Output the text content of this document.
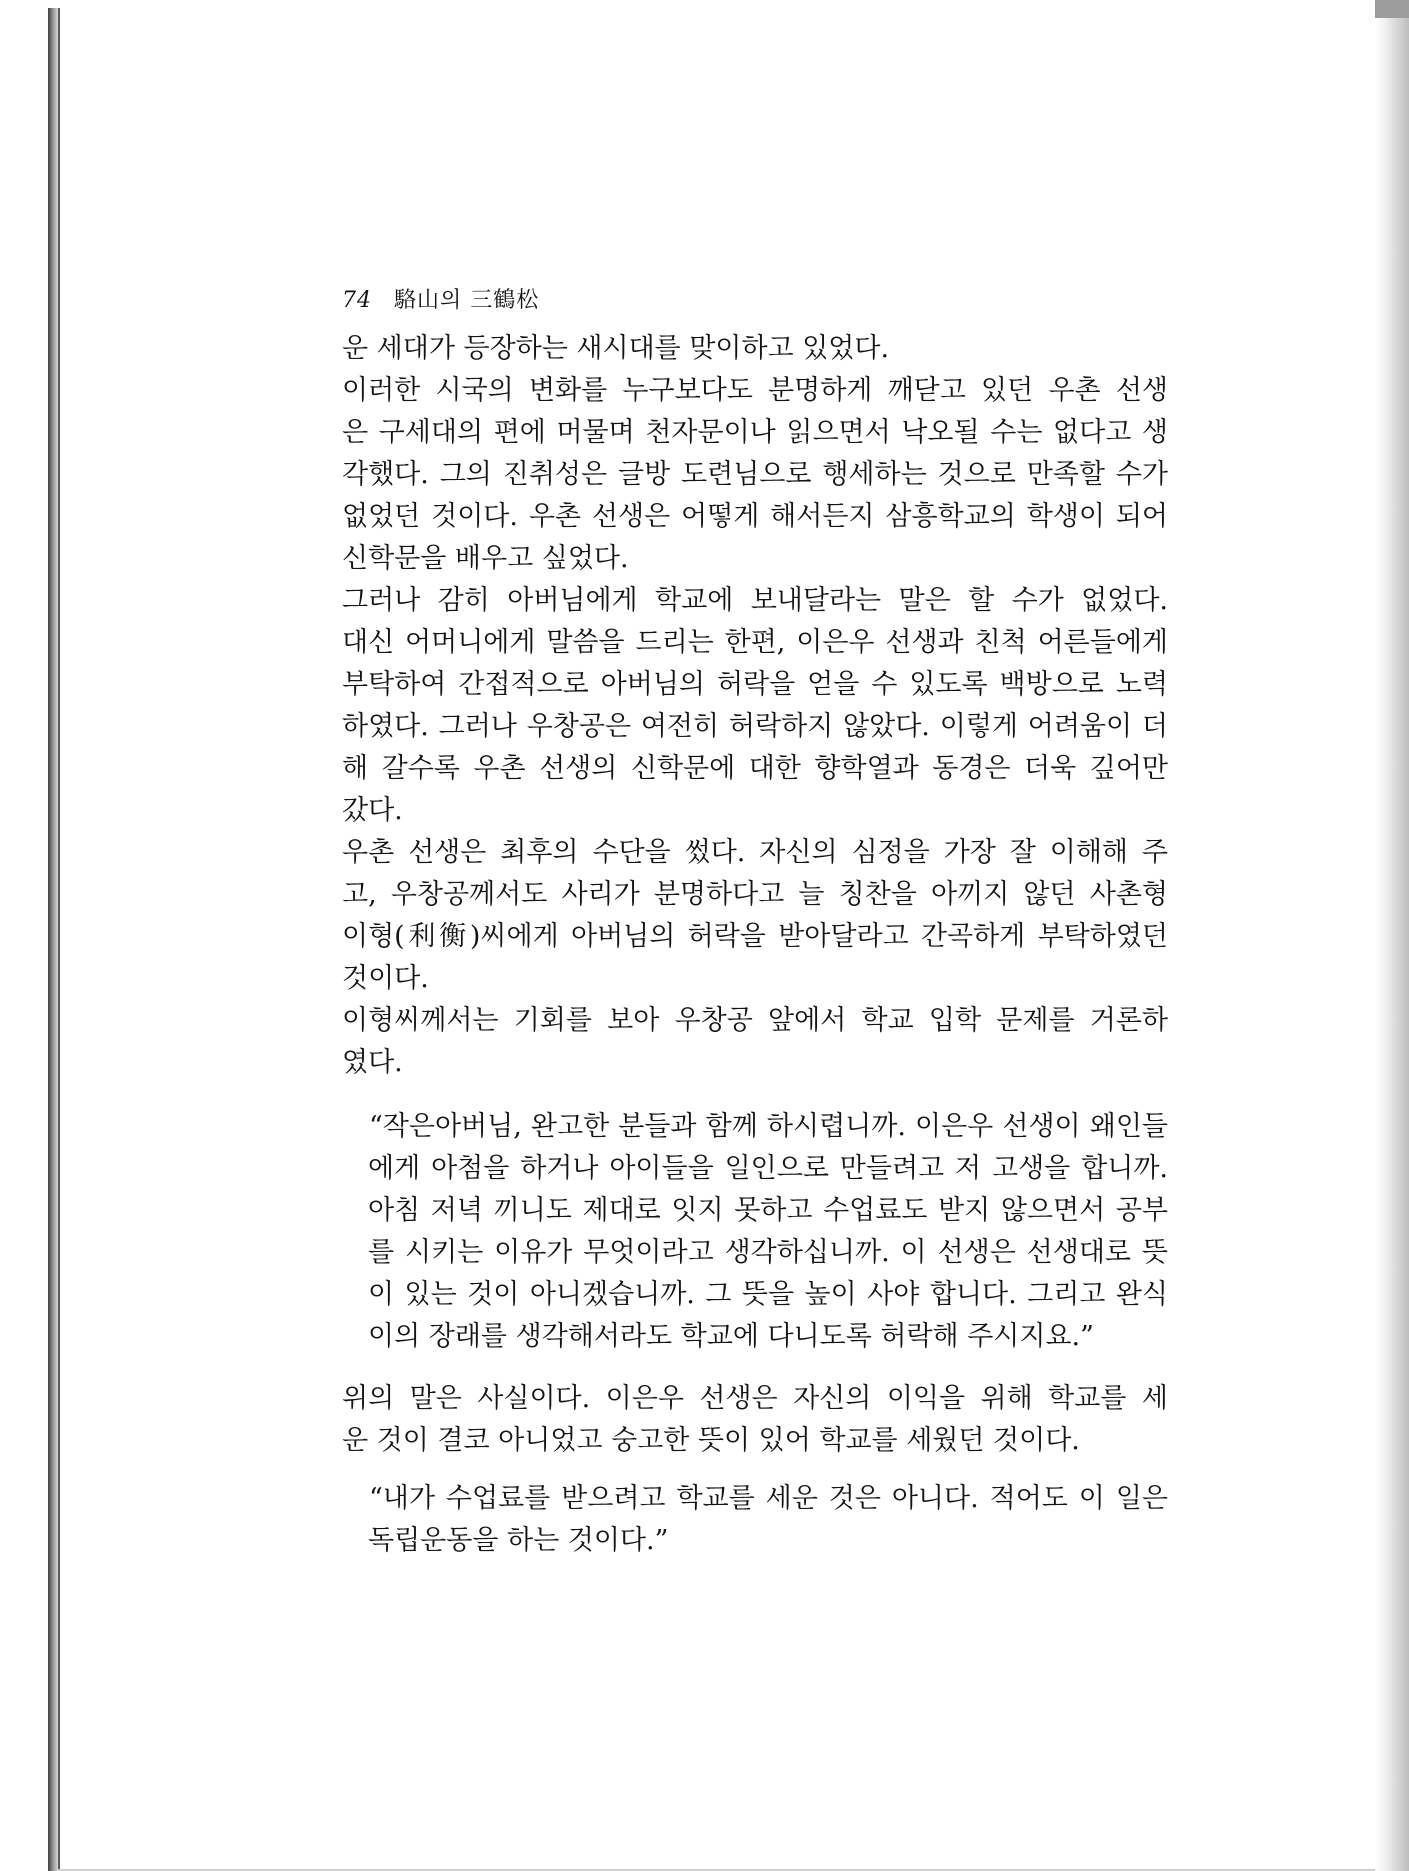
74 駱山의 三鶴松
운 세대가 등장하는 새시대를 맞이하고 있었다.
이러한 시국의 변화를 누구보다도 분명하게 깨닫고 있던 우촌 선생
은 구세대의 편에 머물며 천자문이나 읽으면서 낙오될 수는 없다고 생
각했다. 그의 진취성은 글방 도련님으로 행세하는 것으로 만족할 수가
없었던 것이다. 우촌 선생은 어떻게 해서든지 삼흥학교의 학생이 되어
신학문을 배우고 싶었다.
그러나 감히 아버님에게 학교에 보내달라는 말은 할 수가 없었다.
대신 어머니에게 말씀을 드리는 한편, 이은우 선생과 친척 어른들에게
부탁하여 간접적으로 아버님의 허락을 얻을 수 있도록 백방으로 노력
하였다. 그러나 우창공은 여전히 허락하지 않았다. 이렇게 어려움이 더
해 갈수록 우촌 선생의 신학문에 대한 향학열과 동경은 더욱 깊어만
갔다.
우촌 선생은 최후의 수단을 썼다. 자신의 심정을 가장 잘 이해해 주
고, 우창공께서도 사리가 분명하다고 늘 칭찬을 아끼지 않던 사촌형
이형(利衡)씨에게 아버님의 허락을 받아달라고 간곡하게 부탁하였던
것이다.
이형씨께서는 기회를 보아 우창공 앞에서 학교 입학 문제를 거론하
였다.
“작은아버님, 완고한 분들과 함께 하시렵니까. 이은우 선생이 왜인들
에게 아첨을 하거나 아이들을 일인으로 만들려고 저 고생을 합니까.
아침 저녁 끼니도 제대로 잇지 못하고 수업료도 받지 않으면서 공부
를 시키는 이유가 무엇이라고 생각하십니까. 이 선생은 선생대로 뜻
이 있는 것이 아니겠습니까. 그 뜻을 높이 사야 합니다. 그리고 완식
이의 장래를 생각해서라도 학교에 다니도록 허락해 주시지요.”
위의 말은 사실이다. 이은우 선생은 자신의 이익을 위해 학교를 세
운 것이 결코 아니었고 숭고한 뜻이 있어 학교를 세웠던 것이다.
“내가 수업료를 받으려고 학교를 세운 것은 아니다. 적어도 이 일은
독립운동을 하는 것이다.”
